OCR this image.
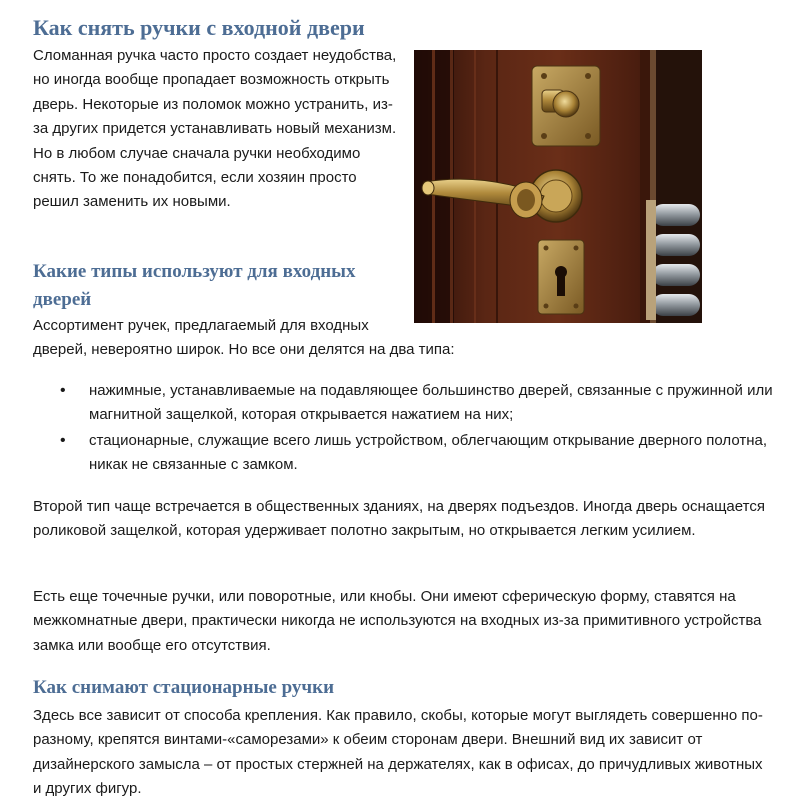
Как снять ручки с входной двери

Сломанная ручка часто просто создает неудобства, но иногда вообще пропадает возможность открыть дверь. Некоторые из поломок можно устранить, из-за других придется устанавливать новый механизм. Но в любом случае сначала ручки необходимо снять. То же понадобится, если хозяин просто решил заменить их новыми.

Какие типы используют для входных дверей

Ассортимент ручек, предлагаемый для входных
дверей, невероятно широк. Но все они делятся на два типа:

• нажимные, устанавливаемые на подавляющее большинство дверей, связанные с пружинной или магнитной защелкой, которая открывается нажатием на них;
• стационарные, служащие всего лишь устройством, облегчающим открывание дверного полотна, никак не связанные с замком.

Второй тип чаще встречается в общественных зданиях, на дверях подъездов. Иногда дверь оснащается роликовой защелкой, которая удерживает полотно закрытым, но открывается легким усилием.

Есть еще точечные ручки, или поворотные, или кнобы. Они имеют сферическую форму, ставятся на межкомнатные двери, практически никогда не используются на входных из-за примитивного устройства замка или вообще его отсутствия.

Как снимают стационарные ручки

Здесь все зависит от способа крепления. Как правило, скобы, которые могут выглядеть совершенно по-разному, крепятся винтами-«саморезами» к обеим сторонам двери. Внешний вид их зависит от дизайнерского замысла – от простых стержней на держателях, как в офисах, до причудливых животных и других фигур.
